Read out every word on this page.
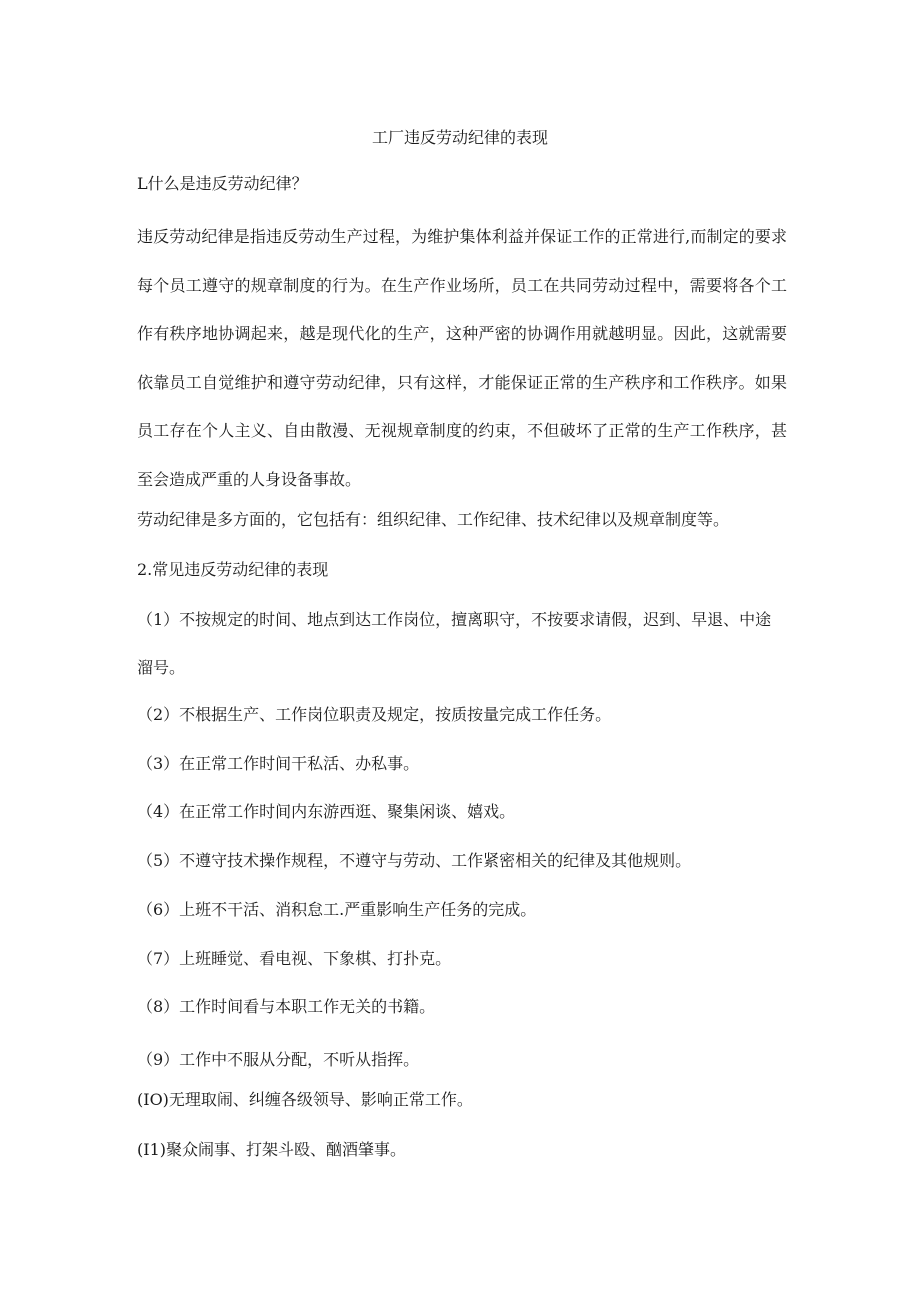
工厂违反劳动纪律的表现
L什么是违反劳动纪律？
违反劳动纪律是指违反劳动生产过程，为维护集体利益并保证工作的正常进行,而制定的要求每个员工遵守的规章制度的行为。在生产作业场所，员工在共同劳动过程中，需要将各个工作有秩序地协调起来，越是现代化的生产，这种严密的协调作用就越明显。因此，这就需要依靠员工自觉维护和遵守劳动纪律，只有这样，才能保证正常的生产秩序和工作秩序。如果员工存在个人主义、自由散漫、无视规章制度的约束，不但破坏了正常的生产工作秩序，甚至会造成严重的人身设备事故。
劳动纪律是多方面的，它包括有：组织纪律、工作纪律、技术纪律以及规章制度等。
2.常见违反劳动纪律的表现
（1）不按规定的时间、地点到达工作岗位，擅离职守，不按要求请假，迟到、早退、中途溜号。
（2）不根据生产、工作岗位职责及规定，按质按量完成工作任务。
（3）在正常工作时间干私活、办私事。
（4）在正常工作时间内东游西逛、聚集闲谈、嬉戏。
（5）不遵守技术操作规程，不遵守与劳动、工作紧密相关的纪律及其他规则。
（6）上班不干活、消积怠工.严重影响生产任务的完成。
（7）上班睡觉、看电视、下象棋、打扑克。
（8）工作时间看与本职工作无关的书籍。
（9）工作中不服从分配，不听从指挥。
(IO)无理取闹、纠缠各级领导、影响正常工作。
(I1)聚众闹事、打架斗殴、酗酒肇事。
